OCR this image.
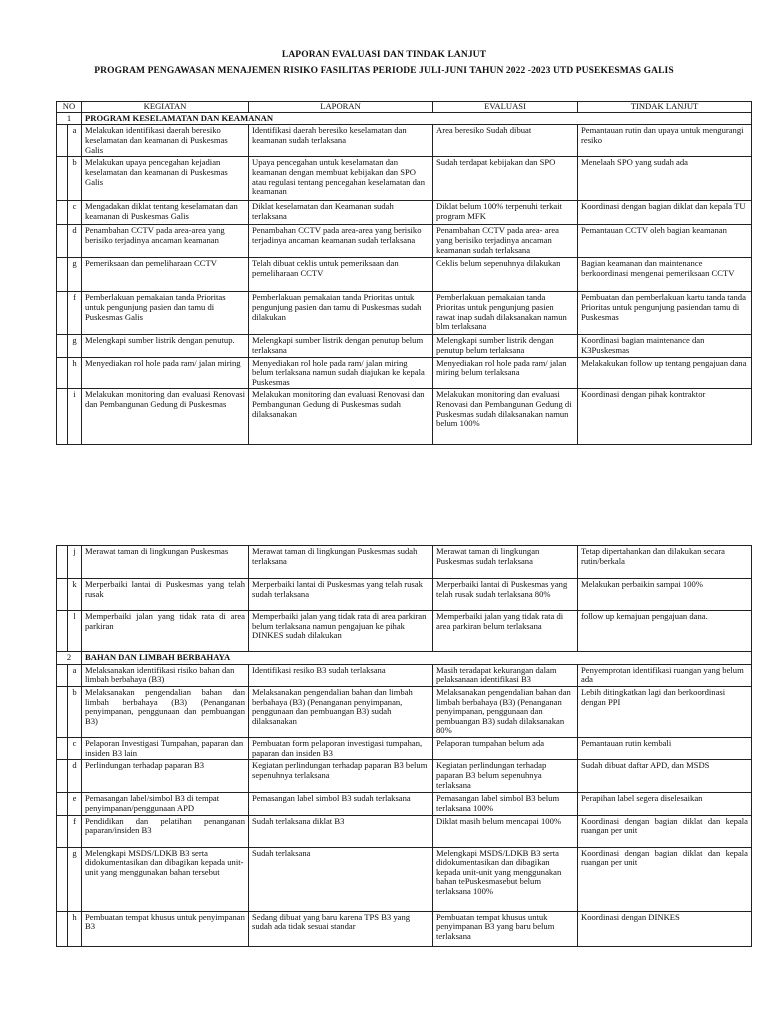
LAPORAN EVALUASI DAN TINDAK LANJUT
PROGRAM PENGAWASAN MENAJEMEN RISIKO FASILITAS PERIODE JULI-JUNI TAHUN 2022 -2023 UTD PUSEKESMAS GALIS
NO		KEGIATAN	LAPORAN	EVALUASI	TINDAK LANJUT
1		PROGRAM KESELAMATAN DAN KEAMANAN			
	a	Melakukan identifikasi daerah beresiko keselamatan dan keamanan di Puskesmas Galis	Identifikasi daerah beresiko keselamatan dan keamanan sudah terlaksana	Area beresiko Sudah dibuat	Pemantauan rutin dan upaya untuk mengurangi resiko
	b	Melakukan upaya pencegahan kejadian keselamatan dan keamanan di Puskesmas Galis	Upaya pencegahan untuk keselamatan dan keamanan dengan membuat kebijakan dan SPO atau regulasi tentang pencegahan keselamatan dan keamanan	Sudah terdapat kebijakan dan SPO	Menelaah SPO yang sudah ada
	c	Mengadakan diklat tentang keselamatan dan keamanan di Puskesmas Galis	Diklat keselamatan dan Keamanan sudah terlaksana	Diklat belum 100% terpenuhi terkait program MFK	Koordinasi dengan bagian diklat dan kepala TU
	d	Penambahan CCTV pada area-area yang berisiko terjadinya ancaman keamanan	Penambahan CCTV pada area-area yang berisiko terjadinya ancaman keamanan sudah terlaksana	Penambahan CCTV pada area- area yang berisiko terjadinya ancaman keamanan sudah terlaksana	Pemantauan CCTV oleh bagian keamanan
	g	Pemeriksaan dan pemeliharaan CCTV	Telah dibuat ceklis untuk pemeriksaan dan pemeliharaan CCTV	Ceklis belum sepenuhnya dilakukan	Bagian keamanan dan maintenance berkoordinasi mengenai pemeriksaan CCTV
	f	Pemberlakuan pemakaian tanda Prioritas untuk pengunjung pasien dan tamu di Puskesmas Galis	Pemberlakuan pemakaian tanda Prioritas untuk pengunjung pasien dan tamu di Puskesmas sudah dilakukan	Pemberlakuan pemakaian tanda Prioritas untuk pengunjung pasien rawat inap sudah dilaksanakan namun blm terlaksana	Pembuatan dan pemberlakuan kartu tanda tanda Prioritas untuk pengunjung pasiendan tamu di Puskesmas
	g	Melengkapi sumber listrik dengan penutup.	Melengkapi sumber listrik dengan penutup belum terlaksana	Melengkapi sumber listrik dengan penutup belum terlaksana	Koordinasi bagian maintenance dan K3Puskesmas
	h	Menyediakan rol hole pada ram/ jalan miring	Menyediakan rol hole pada ram/ jalan miring belum terlaksana namun sudah diajukan ke kepala Puskesmas	Menyediakan rol hole pada ram/ jalan miring belum terlaksana	Melakakukan follow up tentang pengajuan dana
	i	Melakukan monitoring dan evaluasi Renovasi dan Pembangunan Gedung di Puskesmas	Melakukan monitoring dan evaluasi Renovasi dan Pembangunan Gedung di Puskesmas sudah dilaksanakan	Melakukan monitoring dan evaluasi Renovasi dan Pembangunan Gedung di Puskesmas sudah dilaksanakan namun belum 100%	Koordinasi dengan pihak kontraktor
	j	Merawat taman di lingkungan Puskesmas	Merawat taman di lingkungan Puskesmas sudah terlaksana	Merawat taman di lingkungan Puskesmas sudah terlaksana	Tetap dipertahankan dan dilakukan secara rutin/berkala
	k	Merperbaiki lantai di Puskesmas yang telah rusak	Merperbaiki lantai di Puskesmas yang telah rusak sudah terlaksana	Merperbaiki lantai di Puskesmas yang telah rusak sudah terlaksana 80%	Melakukan perbaikin sampai 100%
	l	Memperbaiki jalan yang tidak rata di area parkiran	Memperbaiki jalan yang tidak rata di area parkiran belum terlaksana namun pengajuan ke pihak DINKES sudah dilakukan	Memperbaiki jalan yang tidak rata di area parkiran belum terlaksana	follow up kemajuan pengajuan dana.
2		BAHAN DAN LIMBAH BERBAHAYA			
	a	Melaksanakan identifikasi risiko bahan dan limbah berbahaya (B3)	Identifikasi resiko B3 sudah terlaksana	Masih teradapat kekurangan dalam pelaksanaan identifikasi B3	Penyemprotan identifikasi ruangan yang belum ada
	b	Melaksanakan pengendalian bahan dan limbah berbahaya (B3) (Penanganan penyimpanan, penggunaan dan pembuangan B3)	Melaksanakan pengendalian bahan dan limbah berbahaya (B3) (Penanganan penyimpanan, penggunaan dan pembuangan B3) sudah dilaksanakan	Melaksanakan pengendalian bahan dan limbah berbahaya (B3) (Penanganan penyimpanan, penggunaan dan pembuangan B3) sudah dilaksanakan 80%	Lebih ditingkatkan lagi dan berkoordinasi dengan PPI
	c	Pelaporan Investigasi Tumpahan, paparan dan insiden B3 lain	Pembuatan form pelaporan investigasi tumpahan, paparan dan insiden B3	Pelaporan tumpahan belum ada	Pemantauan rutin kembali
	d	Perlindungan terhadap paparan B3	Kegiatan perlindungan terhadap paparan B3 belum sepenuhnya terlaksana	Kegiatan perlindungan terhadap paparan B3 belum sepenuhnya terlaksana	Sudah dibuat daftar APD, dan MSDS
	e	Pemasangan label/simbol B3 di tempat penyimpanan/penggunaan APD	Pemasangan label simbol B3 sudah terlaksana	Pemasangan label simbol B3 belum terlaksana 100%	Perapihan label segera diselesaikan
	f	Pendidikan dan pelatihan penanganan paparan/insiden B3	Sudah terlaksana diklat B3	Diklat masih belum mencapai 100%	Koordinasi dengan bagian diklat dan kepala ruangan per unit
	g	Melengkapi MSDS/LDKB B3 serta didokumentasikan dan dibagikan kepada unit- unit yang menggunakan bahan tersebut	Sudah terlaksana	Melengkapi MSDS/LDKB B3 serta didokumentasikan dan dibagikan kepada unit-unit yang menggunakan bahan tePuskesmasebut belum terlaksana 100%	Koordinasi dengan bagian diklat dan kepala ruangan per unit
	h	Pembuatan tempat khusus untuk penyimpanan B3	Sedang dibuat yang baru karena TPS B3 yang sudah ada tidak sesuai standar	Pembuatan tempat khusus untuk penyimpanan B3 yang baru belum terlaksana	Koordinasi dengan DINKES
